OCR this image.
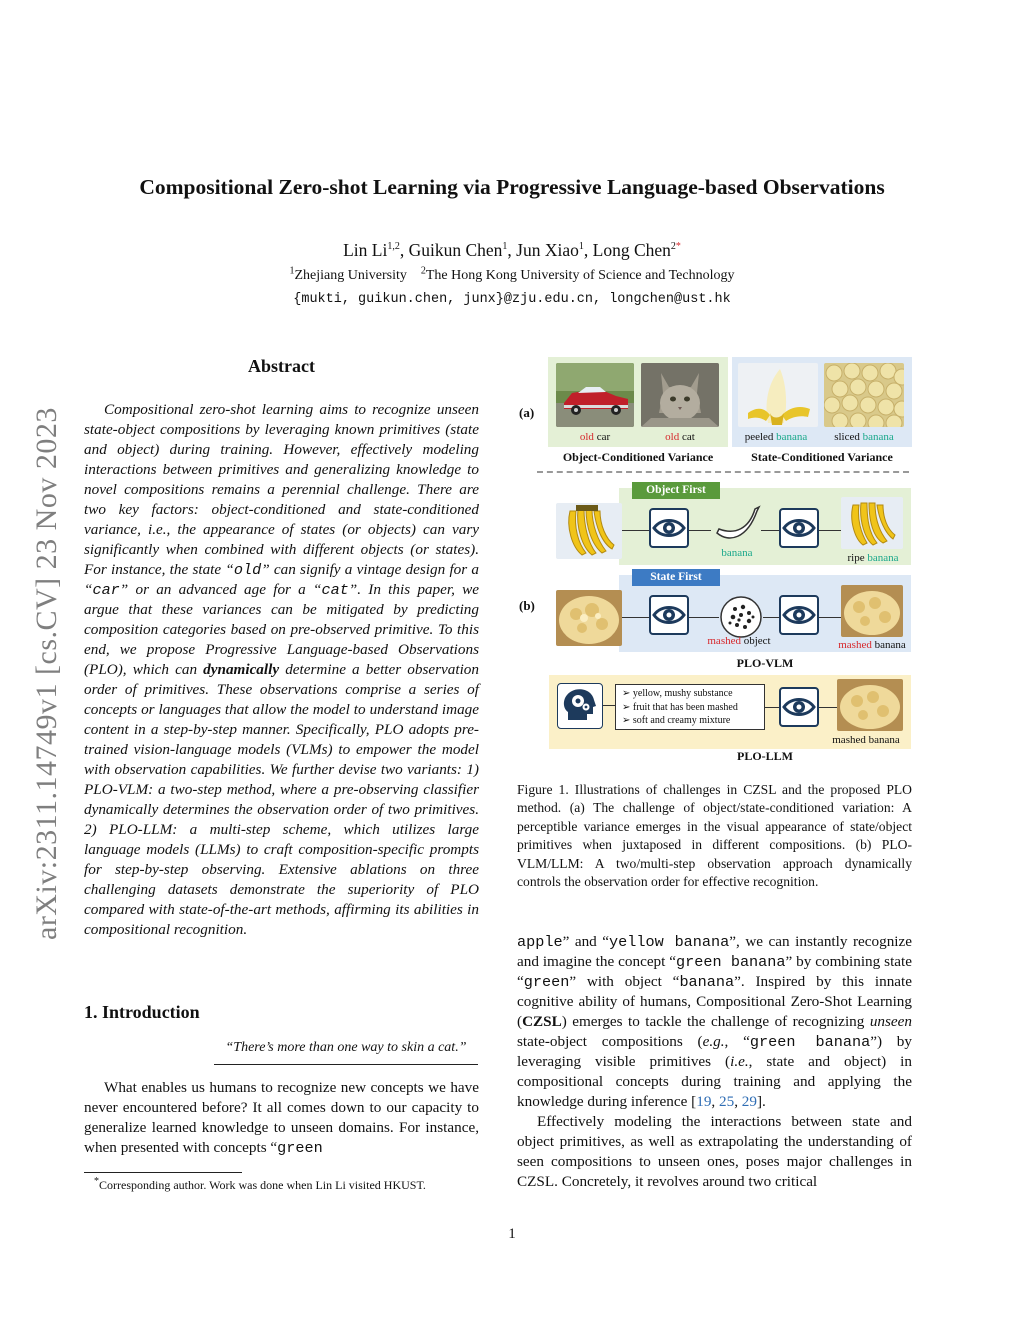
Compositional Zero-shot Learning via Progressive Language-based Observations
Lin Li$^{1,2}$, Guikun Chen$^1$, Jun Xiao$^1$, Long Chen$^{2*}$
$^1$Zhejiang University $^2$The Hong Kong University of Science and Technology
{mukti, guikun.chen, junx}@zju.edu.cn, longchen@ust.hk
arXiv:2311.14749v1 [cs.CV] 23 Nov 2023
Abstract
Compositional zero-shot learning aims to recognize unseen state-object compositions by leveraging known primitives (state and object) during training. However, effectively modeling interactions between primitives and generalizing knowledge to novel compositions remains a perennial challenge. There are two key factors: object-conditioned and state-conditioned variance, i.e., the appearance of states (or objects) can vary significantly when combined with different objects (or states). For instance, the state “old” can signify a vintage design for a “car” or an advanced age for a “cat”. In this paper, we argue that these variances can be mitigated by predicting composition categories based on pre-observed primitive. To this end, we propose Progressive Language-based Observations (PLO), which can dynamically determine a better observation order of primitives. These observations comprise a series of concepts or languages that allow the model to understand image content in a step-by-step manner. Specifically, PLO adopts pre-trained vision-language models (VLMs) to empower the model with observation capabilities. We further devise two variants: 1) PLO-VLM: a two-step method, where a pre-observing classifier dynamically determines the observation order of two primitives. 2) PLO-LLM: a multi-step scheme, which utilizes large language models (LLMs) to craft composition-specific prompts for step-by-step observing. Extensive ablations on three challenging datasets demonstrate the superiority of PLO compared with state-of-the-art methods, affirming its abilities in compositional recognition.
1. Introduction
“There’s more than one way to skin a cat.”
What enables us humans to recognize new concepts we have never encountered before? It all comes down to our capacity to generalize learned knowledge to unseen domains. For instance, when presented with concepts “green
*Corresponding author. Work was done when Lin Li visited HKUST.
(a)
old car	old cat	peeled banana	sliced banana
Object-Conditioned Variance	State-Conditioned Variance
(b)
Object First
banana	ripe banana
State First
mashed object	mashed banana
PLO-VLM
➢ yellow, mushy substance
➢ fruit that has been mashed
➢ soft and creamy mixture
mashed banana
PLO-LLM
Figure 1. Illustrations of challenges in CZSL and the proposed PLO method. (a) The challenge of object/state-conditioned variation: A perceptible variance emerges in the visual appearance of state/object primitives when juxtaposed in different compositions. (b) PLO-VLM/LLM: A two/multi-step observation approach dynamically controls the observation order for effective recognition.

apple” and “yellow banana”, we can instantly recognize and imagine the concept “green banana” by combining state “green” with object “banana”. Inspired by this innate cognitive ability of humans, Compositional Zero-Shot Learning (CZSL) emerges to tackle the challenge of recognizing unseen state-object compositions (e.g., “green banana”) by leveraging visible primitives (i.e., state and object) in compositional concepts during training and applying the knowledge during inference [19, 25, 29].

Effectively modeling the interactions between state and object primitives, as well as extrapolating the understanding of seen compositions to unseen ones, poses major challenges in CZSL. Concretely, it revolves around two critical

1
